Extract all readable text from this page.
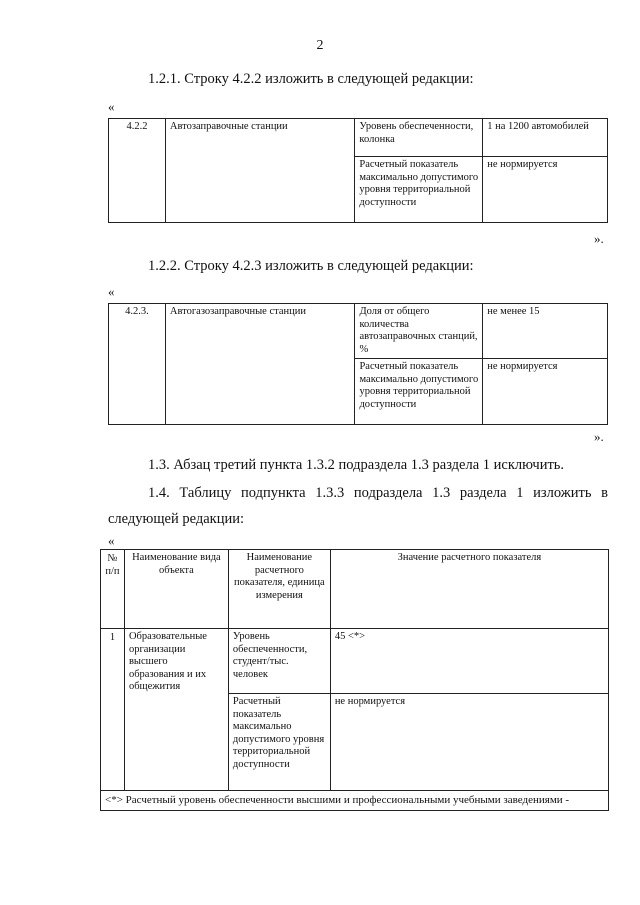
2
1.2.1. Строку 4.2.2 изложить в следующей редакции:
«
4.2.2	Автозаправочные станции	Уровень обеспеченности, колонка	1 на 1200 автомобилей
		Расчетный показатель максимально допустимого уровня территориальной доступности	не нормируется
».
1.2.2. Строку 4.2.3 изложить в следующей редакции:
«
4.2.3.	Автогазозаправочные станции	Доля от общего количества автозаправочных станций, %	не менее 15
		Расчетный показатель максимально допустимого уровня территориальной доступности	не нормируется
».
1.3. Абзац третий пункта 1.3.2 подраздела 1.3 раздела 1 исключить.
1.4. Таблицу подпункта 1.3.3 подраздела 1.3 раздела 1 изложить в
следующей редакции:
«
№ п/п	Наименование вида объекта	Наименование расчетного показателя, единица измерения	Значение расчетного показателя
1	Образовательные организации высшего образования и их общежития	Уровень обеспеченности, студент/тыс. человек	45 <*>
		Расчетный показатель максимально допустимого уровня территориальной доступности	не нормируется
<*> Расчетный уровень обеспеченности высшими и профессиональными учебными заведениями -			
